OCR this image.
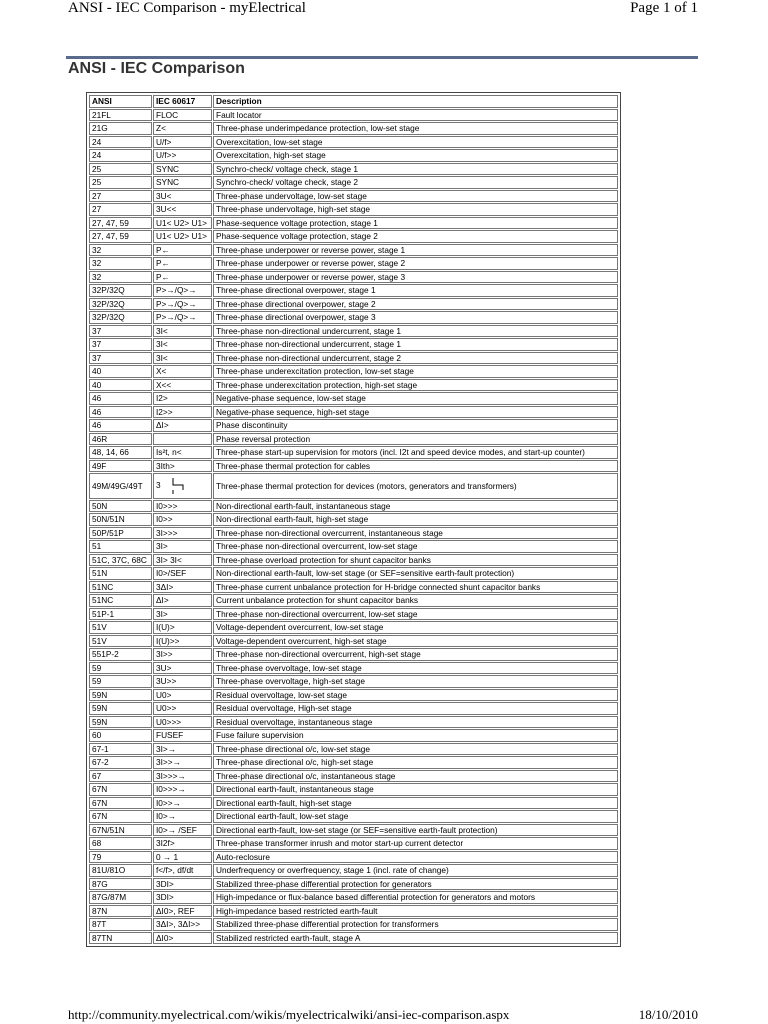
ANSI - IEC Comparison - myElectrical	Page 1 of 1
ANSI - IEC Comparison
ANSI	IEC 60617	Description
21FL	FLOC	Fault locator
21G	Z<	Three-phase underimpedance protection, low-set stage
24	U/f>	Overexcitation, low-set stage
24	U/f>>	Overexcitation, high-set stage
25	SYNC	Synchro-check/ voltage check, stage 1
25	SYNC	Synchro-check/ voltage check, stage 2
27	3U<	Three-phase undervoltage, low-set stage
27	3U<<	Three-phase undervoltage, high-set stage
27, 47, 59	U1< U2> U1>	Phase-sequence voltage protection, stage 1
27, 47, 59	U1< U2> U1>	Phase-sequence voltage protection, stage 2
32	P←	Three-phase underpower or reverse power, stage 1
32	P←	Three-phase underpower or reverse power, stage 2
32	P←	Three-phase underpower or reverse power, stage 3
32P/32Q	P>→/Q>→	Three-phase directional overpower, stage 1
32P/32Q	P>→/Q>→	Three-phase directional overpower, stage 2
32P/32Q	P>→/Q>→	Three-phase directional overpower, stage 3
37	3I<	Three-phase non-directional undercurrent, stage 1
37	3I<	Three-phase non-directional undercurrent, stage 1
37	3I<	Three-phase non-directional undercurrent, stage 2
40	X<	Three-phase underexcitation protection, low-set stage
40	X<<	Three-phase underexcitation protection, high-set stage
46	I2>	Negative-phase sequence, low-set stage
46	I2>>	Negative-phase sequence, high-set stage
46	ΔI>	Phase discontinuity
46R		Phase reversal protection
48, 14, 66	Is²t, n<	Three-phase start-up supervision for motors (incl. I2t and speed device modes, and start-up counter)
49F	3Ith>	Three-phase thermal protection for cables
49M/49G/49T	3	Three-phase thermal protection for devices (motors, generators and transformers)
50N	I0>>>	Non-directional earth-fault, instantaneous stage
50N/51N	I0>>	Non-directional earth-fault, high-set stage
50P/51P	3I>>>	Three-phase non-directional overcurrent, instantaneous stage
51	3I>	Three-phase non-directional overcurrent, low-set stage
51C, 37C, 68C	3I> 3I<	Three-phase overload protection for shunt capacitor banks
51N	I0>/SEF	Non-directional earth-fault, low-set stage (or SEF=sensitive earth-fault protection)
51NC	3ΔI>	Three-phase current unbalance protection for H-bridge connected shunt capacitor banks
51NC	ΔI>	Current unbalance protection for shunt capacitor banks
51P-1	3I>	Three-phase non-directional overcurrent, low-set stage
51V	I(U)>	Voltage-dependent overcurrent, low-set stage
51V	I(U)>>	Voltage-dependent overcurrent, high-set stage
551P-2	3I>>	Three-phase non-directional overcurrent, high-set stage
59	3U>	Three-phase overvoltage, low-set stage
59	3U>>	Three-phase overvoltage, high-set stage
59N	U0>	Residual overvoltage, low-set stage
59N	U0>>	Residual overvoltage, High-set stage
59N	U0>>>	Residual overvoltage, instantaneous stage
60	FUSEF	Fuse failure supervision
67-1	3I>→	Three-phase directional o/c, low-set stage
67-2	3I>>→	Three-phase directional o/c, high-set stage
67	3I>>>→	Three-phase directional o/c, instantaneous stage
67N	I0>>>→	Directional earth-fault, instantaneous stage
67N	I0>>→	Directional earth-fault, high-set stage
67N	I0>→	Directional earth-fault, low-set stage
67N/51N	I0>→ /SEF	Directional earth-fault, low-set stage (or SEF=sensitive earth-fault protection)
68	3I2f>	Three-phase transformer inrush and motor start-up current detector
79	0 → 1	Auto-reclosure
81U/81O	f</f>, df/dt	Underfrequency or overfrequency, stage 1 (incl. rate of change)
87G	3DI>	Stabilized three-phase differential protection for generators
87G/87M	3DI>	High-impedance or flux-balance based differential protection for generators and motors
87N	ΔI0>, REF	High-impedance based restricted earth-fault
87T	3ΔI>, 3ΔI>>	Stabilized three-phase differential protection for transformers
87TN	ΔI0>	Stabilized restricted earth-fault, stage A
http://community.myelectrical.com/wikis/myelectricalwiki/ansi-iec-comparison.aspx	18/10/2010
